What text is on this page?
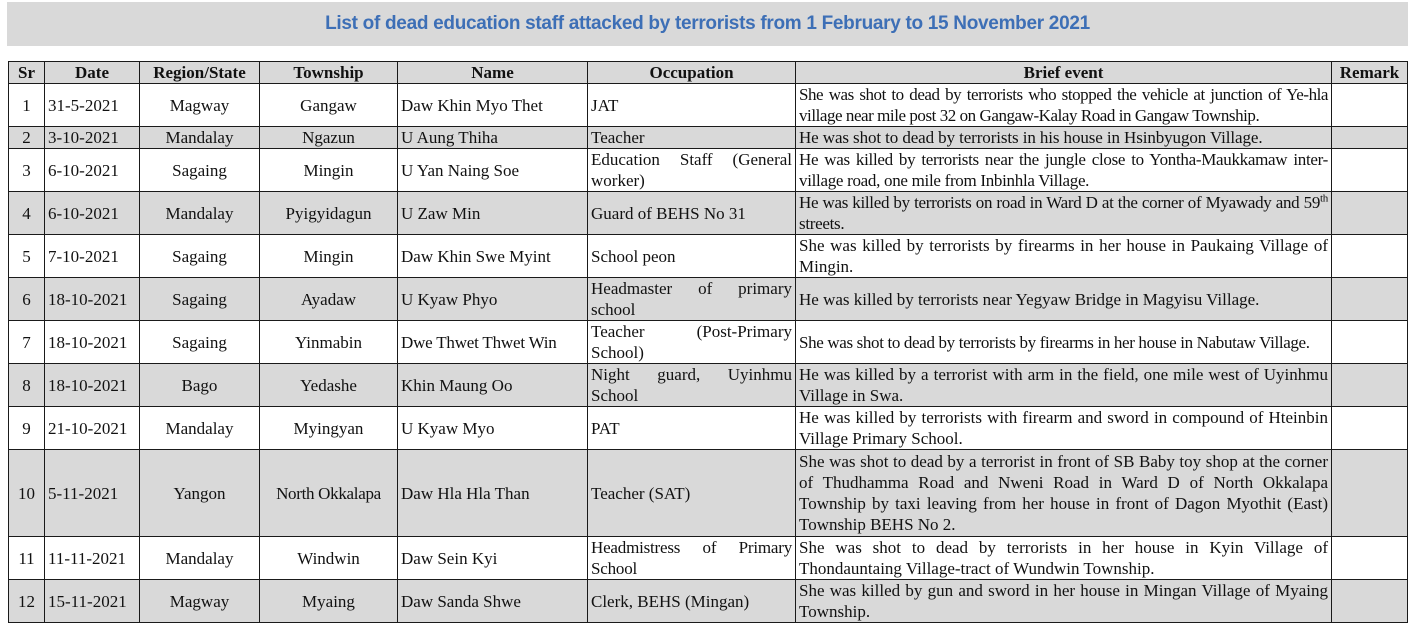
List of dead education staff attacked by terrorists from 1 February to 15 November 2021
Sr	Date	Region/State	Township	Name	Occupation	Brief event	Remark
1	31-5-2021	Magway	Gangaw	Daw Khin Myo Thet	JAT	She was shot to dead by terrorists who stopped the vehicle at junction of Ye-hla village near mile post 32 on Gangaw-Kalay Road in Gangaw Township.	
2	3-10-2021	Mandalay	Ngazun	U Aung Thiha	Teacher	He was shot to dead by terrorists in his house in Hsinbyugon Village.	
3	6-10-2021	Sagaing	Mingin	U Yan Naing Soe	Education Staff (General worker)	He was killed by terrorists near the jungle close to Yontha-Maukkamaw inter-village road, one mile from Inbinhla Village.	
4	6-10-2021	Mandalay	Pyigyidagun	U Zaw Min	Guard of BEHS No 31	He was killed by terrorists on road in Ward D at the corner of Myawady and 59th streets.	
5	7-10-2021	Sagaing	Mingin	Daw Khin Swe Myint	School peon	She was killed by terrorists by firearms in her house in Paukaing Village of Mingin.	
6	18-10-2021	Sagaing	Ayadaw	U Kyaw Phyo	Headmaster of primary school	He was killed by terrorists near Yegyaw Bridge in Magyisu Village.	
7	18-10-2021	Sagaing	Yinmabin	Dwe Thwet Thwet Win	Teacher (Post-Primary School)	She was shot to dead by terrorists by firearms in her house in Nabutaw Village.	
8	18-10-2021	Bago	Yedashe	Khin Maung Oo	Night guard, Uyinhmu School	He was killed by a terrorist with arm in the field, one mile west of Uyinhmu Village in Swa.	
9	21-10-2021	Mandalay	Myingyan	U Kyaw Myo	PAT	He was killed by terrorists with firearm and sword in compound of Hteinbin Village Primary School.	
10	5-11-2021	Yangon	North Okkalapa	Daw Hla Hla Than	Teacher (SAT)	She was shot to dead by a terrorist in front of SB Baby toy shop at the corner of Thudhamma Road and Nweni Road in Ward D of North Okkalapa Township by taxi leaving from her house in front of Dagon Myothit (East) Township BEHS No 2.	
11	11-11-2021	Mandalay	Windwin	Daw Sein Kyi	Headmistress of Primary School	She was shot to dead by terrorists in her house in Kyin Village of Thondauntaing Village-tract of Wundwin Township.	
12	15-11-2021	Magway	Myaing	Daw Sanda Shwe	Clerk, BEHS (Mingan)	She was killed by gun and sword in her house in Mingan Village of Myaing Township.	
